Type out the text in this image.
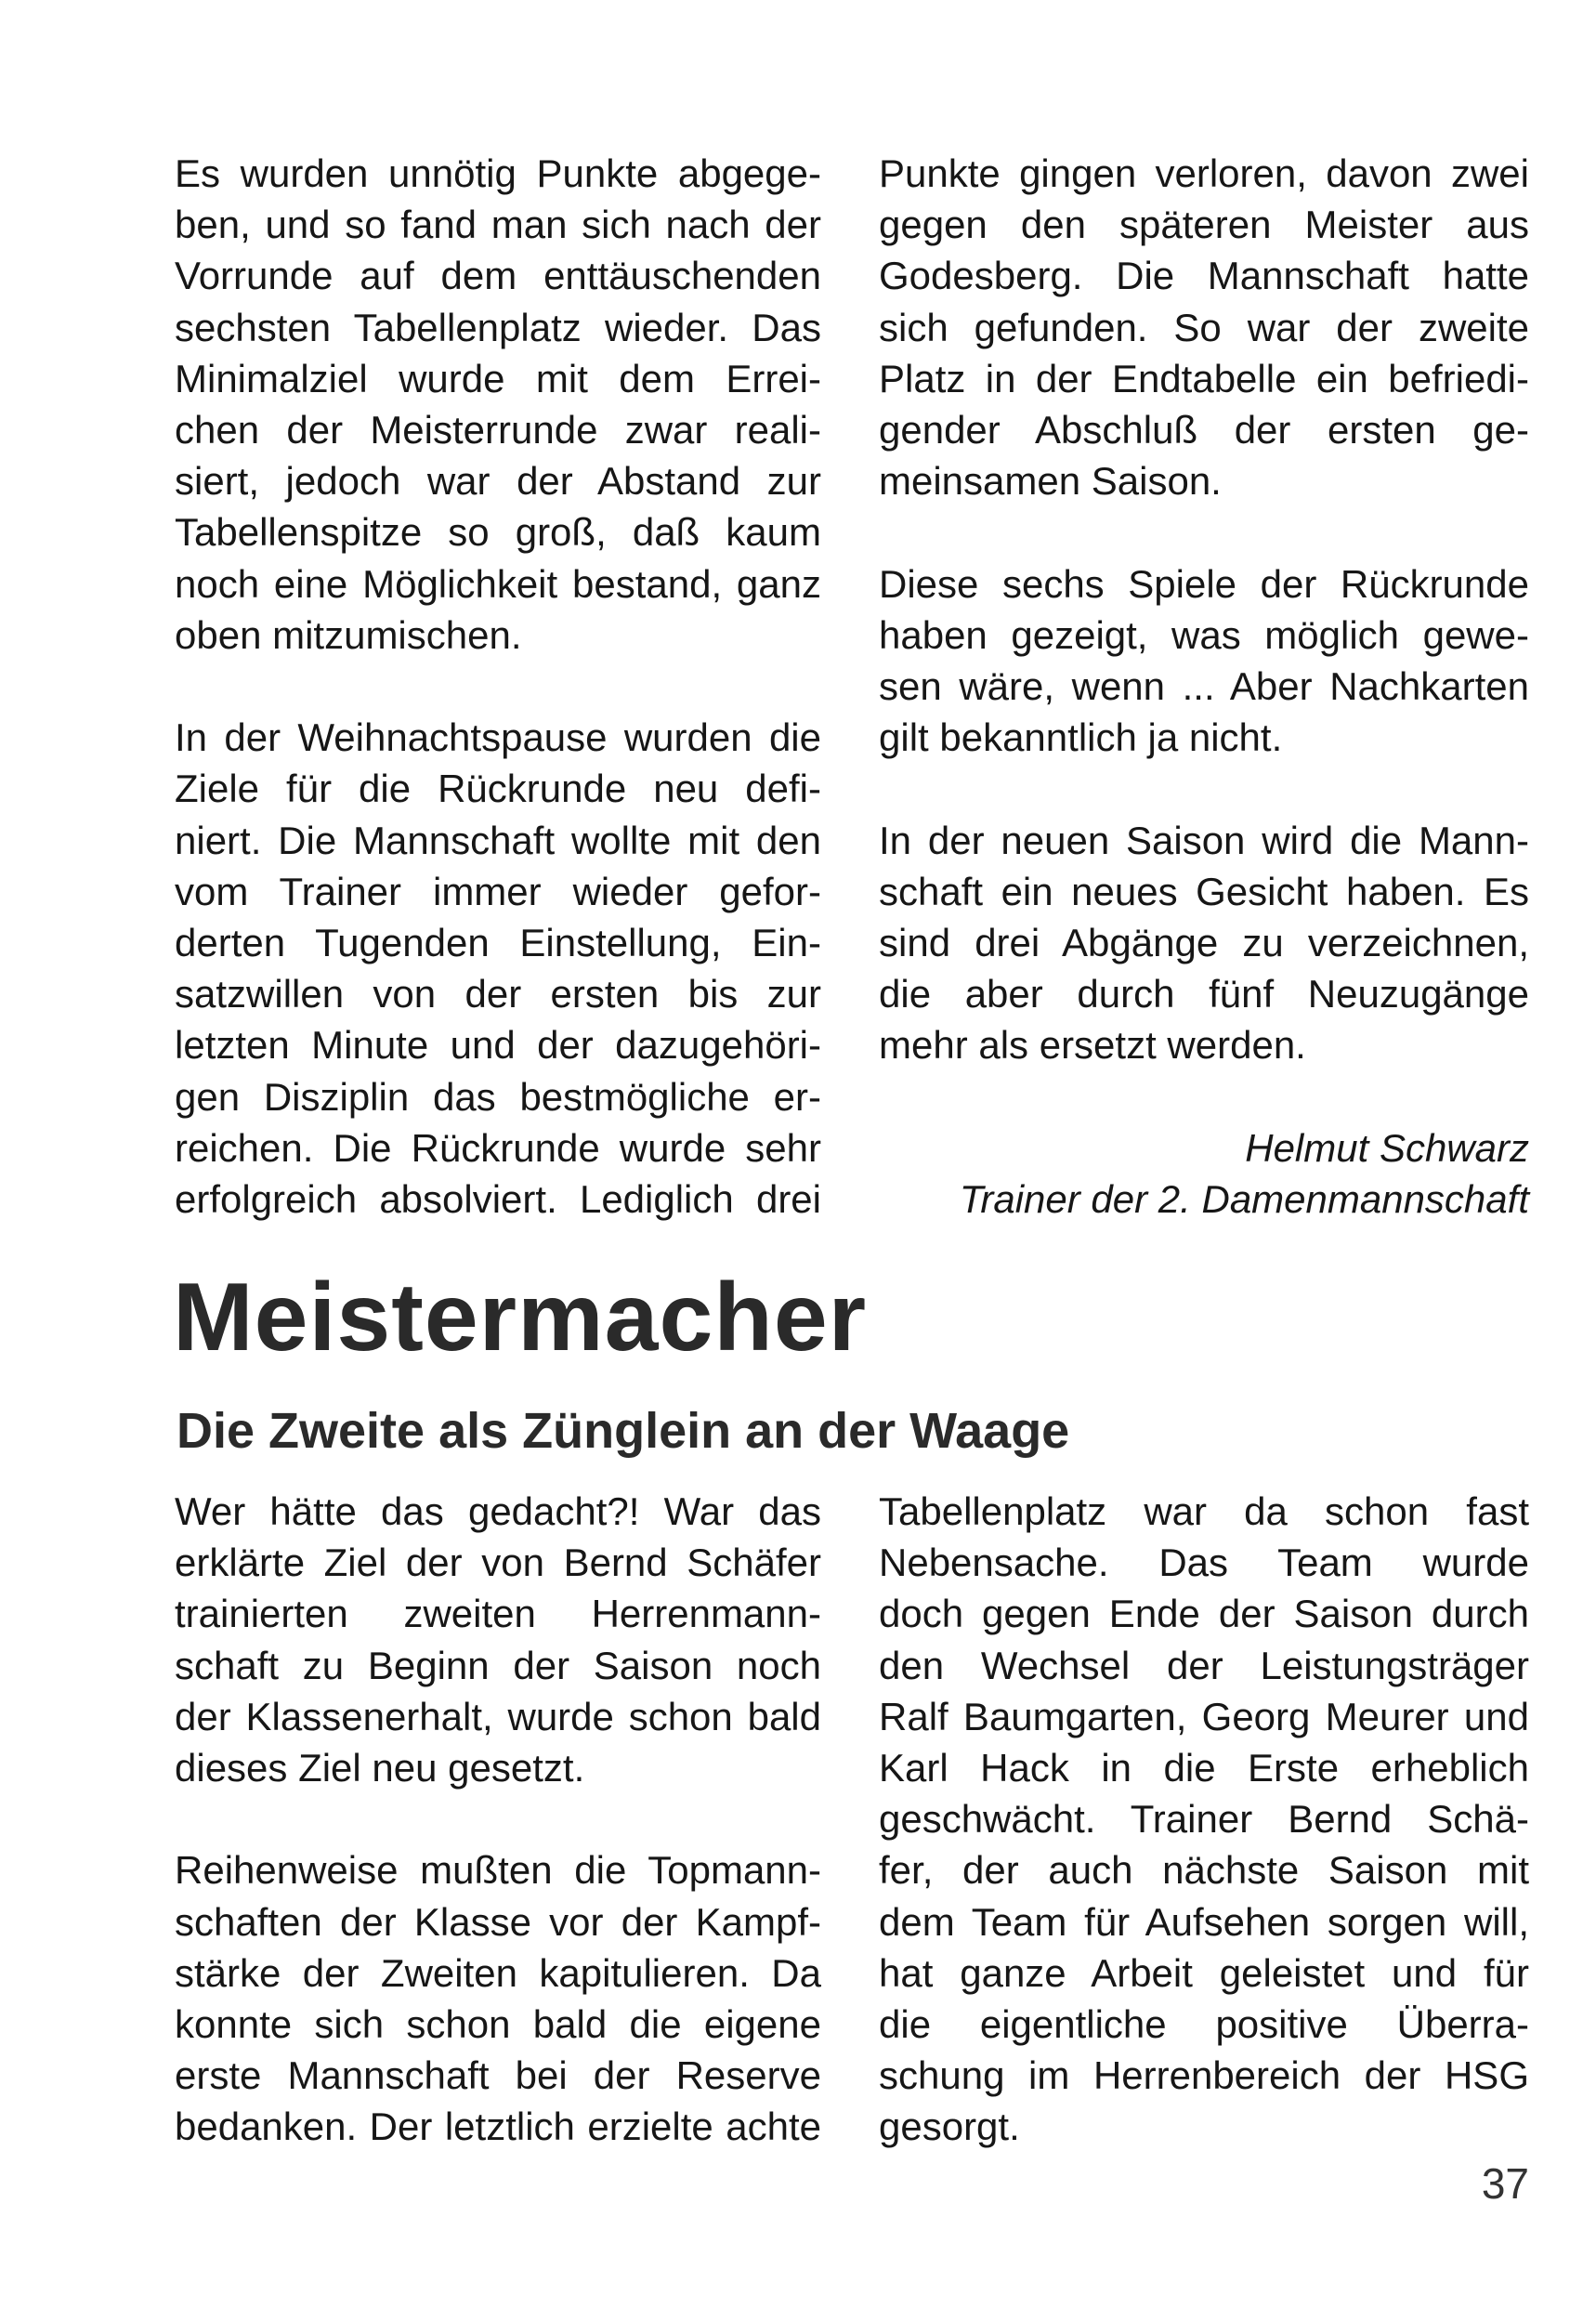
Es wurden unnötig Punkte abgege-
ben, und so fand man sich nach der
Vorrunde auf dem enttäuschenden
sechsten Tabellenplatz wieder. Das
Minimalziel wurde mit dem Errei-
chen der Meisterrunde zwar reali-
siert, jedoch war der Abstand zur
Tabellenspitze so groß, daß kaum
noch eine Möglichkeit bestand, ganz
oben mitzumischen.
In der Weihnachtspause wurden die
Ziele für die Rückrunde neu defi-
niert. Die Mannschaft wollte mit den
vom Trainer immer wieder gefor-
derten Tugenden Einstellung, Ein-
satzwillen von der ersten bis zur
letzten Minute und der dazugehöri-
gen Disziplin das bestmögliche er-
reichen. Die Rückrunde wurde sehr
erfolgreich absolviert. Lediglich drei
Punkte gingen verloren, davon zwei
gegen den späteren Meister aus
Godesberg. Die Mannschaft hatte
sich gefunden. So war der zweite
Platz in der Endtabelle ein befriedi-
gender Abschluß der ersten ge-
meinsamen Saison.
Diese sechs Spiele der Rückrunde
haben gezeigt, was möglich gewe-
sen wäre, wenn ... Aber Nachkarten
gilt bekanntlich ja nicht.
In der neuen Saison wird die Mann-
schaft ein neues Gesicht haben. Es
sind drei Abgänge zu verzeichnen,
die aber durch fünf Neuzugänge
mehr als ersetzt werden.
Helmut Schwarz
Trainer der 2. Damenmannschaft
Meistermacher
Die Zweite als Zünglein an der Waage
Wer hätte das gedacht?! War das
erklärte Ziel der von Bernd Schäfer
trainierten zweiten Herrenmann-
schaft zu Beginn der Saison noch
der Klassenerhalt, wurde schon bald
dieses Ziel neu gesetzt.
Reihenweise mußten die Topmann-
schaften der Klasse vor der Kampf-
stärke der Zweiten kapitulieren. Da
konnte sich schon bald die eigene
erste Mannschaft bei der Reserve
bedanken. Der letztlich erzielte achte
Tabellenplatz war da schon fast
Nebensache. Das Team wurde
doch gegen Ende der Saison durch
den Wechsel der Leistungsträger
Ralf Baumgarten, Georg Meurer und
Karl Hack in die Erste erheblich
geschwächt. Trainer Bernd Schä-
fer, der auch nächste Saison mit
dem Team für Aufsehen sorgen will,
hat ganze Arbeit geleistet und für
die eigentliche positive Überra-
schung im Herrenbereich der HSG
gesorgt.
37
